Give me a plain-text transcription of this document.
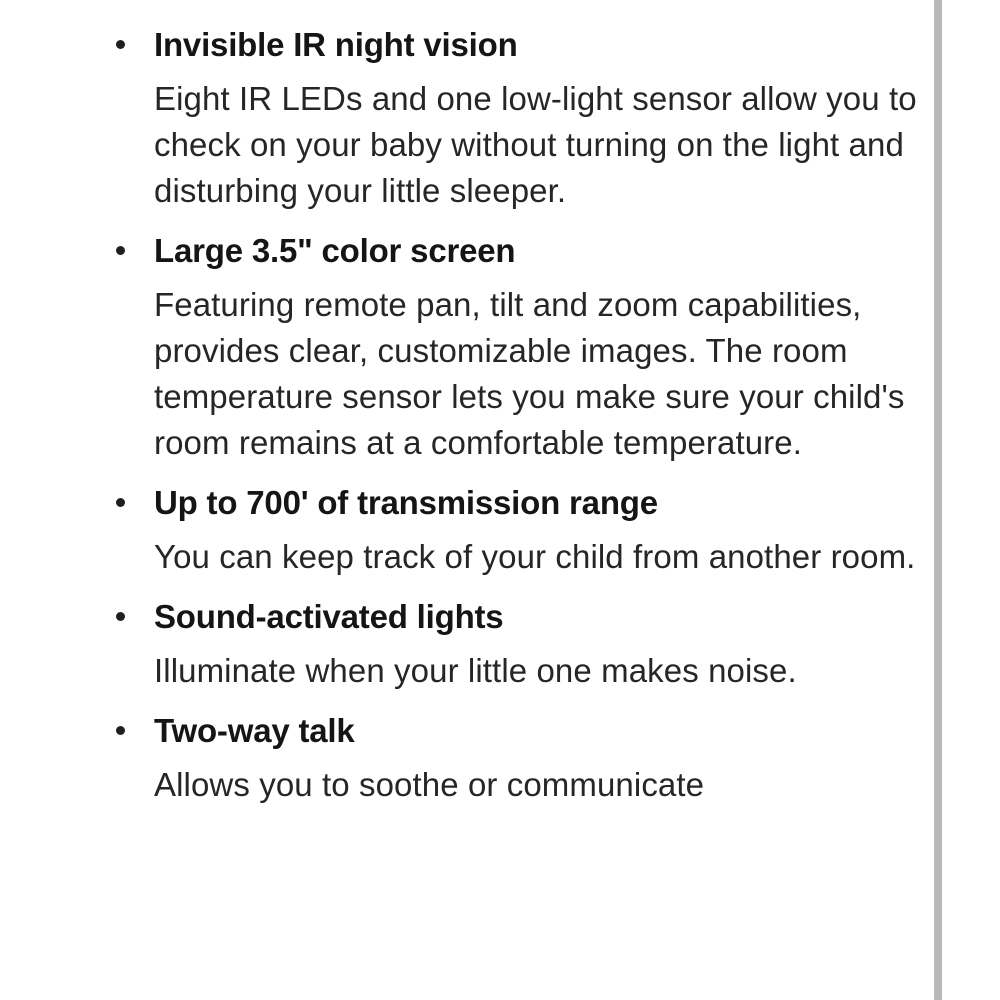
Invisible IR night vision
Eight IR LEDs and one low-light sensor allow you to check on your baby without turning on the light and disturbing your little sleeper.
Large 3.5" color screen
Featuring remote pan, tilt and zoom capabilities, provides clear, customizable images. The room temperature sensor lets you make sure your child's room remains at a comfortable temperature.
Up to 700' of transmission range
You can keep track of your child from another room.
Sound-activated lights
Illuminate when your little one makes noise.
Two-way talk
Allows you to soothe or communicate
